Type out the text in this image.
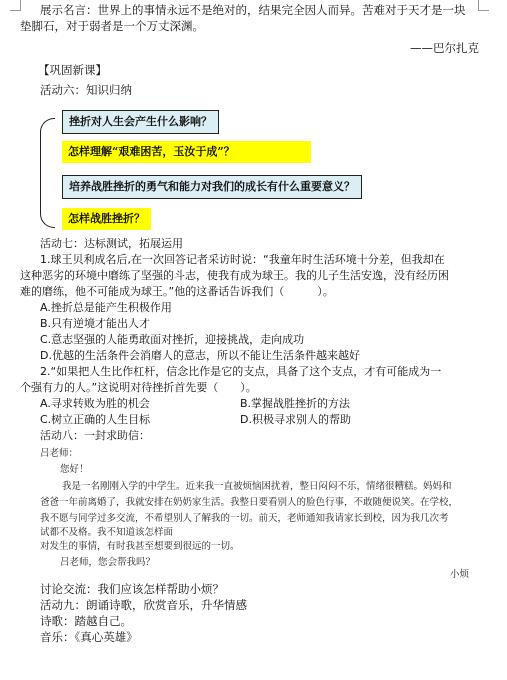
展示名言：世界上的事情永远不是绝对的，结果完全因人而异。苦难对于天才是一块
垫脚石，对于弱者是一个万丈深渊。
——巴尔扎克
【巩固新课】
活动六：知识归纳
挫折对人生会产生什么影响？
怎样理解“艰难困苦，玉汝于成”？
培养战胜挫折的勇气和能力对我们的成长有什么重要意义？
怎样战胜挫折？
活动七：达标测试，拓展运用
1.球王贝利成名后,在一次回答记者采访时说：“我童年时生活环境十分差，但我却在
这种恶劣的环境中磨练了坚强的斗志，使我有成为球王。我的儿子生活安逸，没有经历困
难的磨练，他不可能成为球王。”他的这番话告诉我们（　　　）。
A.挫折总是能产生积极作用
B.只有逆境才能出人才
C.意志坚强的人能勇敢面对挫折，迎接挑战，走向成功
D.优越的生活条件会消磨人的意志，所以不能让生活条件越来越好
2.“如果把人生比作杠杆，信念比作是它的支点，具备了这个支点，才有可能成为一
个强有力的人。”这说明对待挫折首先要（　　）。
A.寻求转败为胜的机会	B.掌握战胜挫折的方法
C.树立正确的人生目标	D.积极寻求别人的帮助
活动八：一封求助信：
吕老师：
您好！
我是一名刚刚入学的中学生。近来我一直被烦恼困扰着，整日闷闷不乐，情绪很糟糕。妈妈和
爸爸一年前离婚了，我就安排在奶奶家生活。我整日要看别人的脸色行事，不敢随便说笑。在学校，
我不愿与同学过多交流，不希望别人了解我的一切。前天，老师通知我请家长到校，因为我几次考
试都不及格。我不知道该怎样面
对发生的事情，有时我甚至想要到很远的一切。
吕老师，您会帮我吗？
小烦
讨论交流：我们应该怎样帮助小烦？
活动九：朗诵诗歌，欣赏音乐，升华情感
诗歌：踏越自己。
音乐：《真心英雄》
